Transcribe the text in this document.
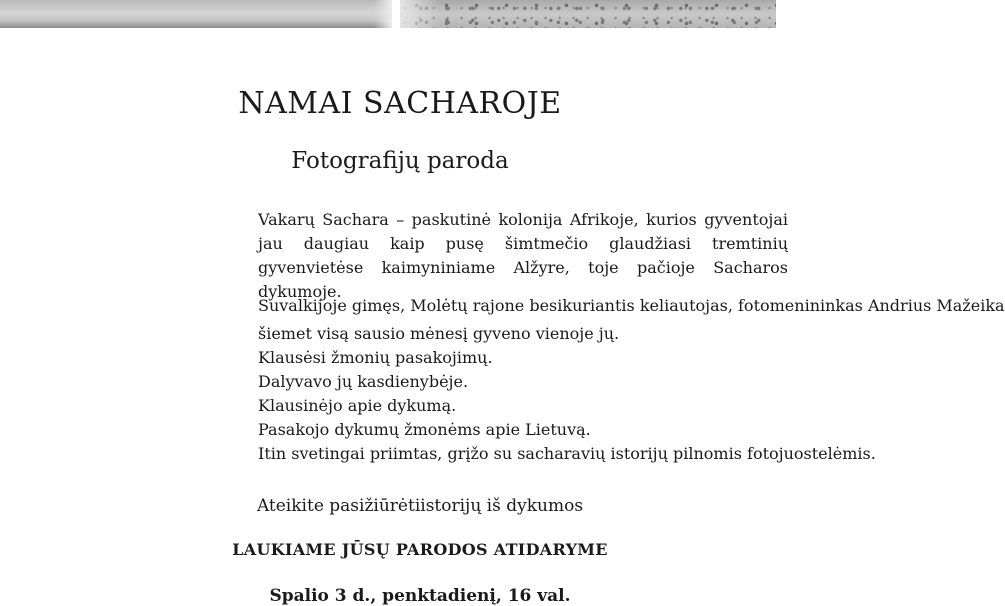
NAMAI SACHAROJE
Fotografijų paroda

Vakarų Sachara – paskutinė kolonija Afrikoje, kurios gyventojai jau daugiau kaip pusę šimtmečio glaudžiasi tremtinių gyvenvietėse kaimyniniame Alžyre, toje pačioje Sacharos dykumoje.

Suvalkijoje gimęs, Molėtų rajone besikuriantis keliautojas, fotomenininkas Andrius Mažeika
šiemet visą sausio mėnesį gyveno vienoje jų.
Klausėsi žmonių pasakojimų.
Dalyvavo jų kasdienybėje.
Klausinėjo apie dykumą.
Pasakojo dykumų žmonėms apie Lietuvą.
Itin svetingai priimtas, grįžo su sacharavių istorijų pilnomis fotojuostelėmis.

Ateikite pasižiūrėtiistorijų iš dykumos

LAUKIAME JŪSŲ PARODOS ATIDARYME

Spalio 3 d., penktadienį, 16 val.
